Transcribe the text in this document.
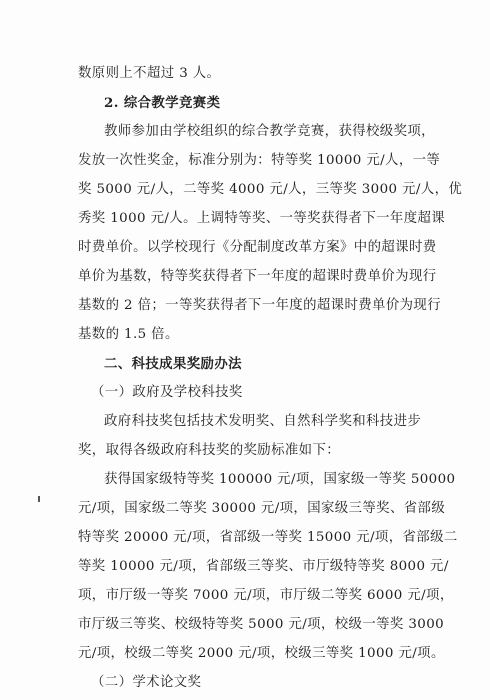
数原则上不超过 3 人。
2. 综合教学竞赛类
教师参加由学校组织的综合教学竞赛，获得校级奖项，
发放一次性奖金，标准分别为：特等奖 10000 元/人，一等
奖 5000 元/人，二等奖 4000 元/人，三等奖 3000 元/人，优
秀奖 1000 元/人。上调特等奖、一等奖获得者下一年度超课
时费单价。以学校现行《分配制度改革方案》中的超课时费
单价为基数，特等奖获得者下一年度的超课时费单价为现行
基数的 2 倍；一等奖获得者下一年度的超课时费单价为现行
基数的 1.5 倍。
二、科技成果奖励办法
（一）政府及学校科技奖
政府科技奖包括技术发明奖、自然科学奖和科技进步
奖，取得各级政府科技奖的奖励标准如下：
获得国家级特等奖 100000 元/项，国家级一等奖 50000
元/项，国家级二等奖 30000 元/项，国家级三等奖、省部级
特等奖 20000 元/项，省部级一等奖 15000 元/项，省部级二
等奖 10000 元/项，省部级三等奖、市厅级特等奖 8000 元/
项，市厅级一等奖 7000 元/项，市厅级二等奖 6000 元/项，
市厅级三等奖、校级特等奖 5000 元/项，校级一等奖 3000
元/项，校级二等奖 2000 元/项，校级三等奖 1000 元/项。
（二）学术论文奖
